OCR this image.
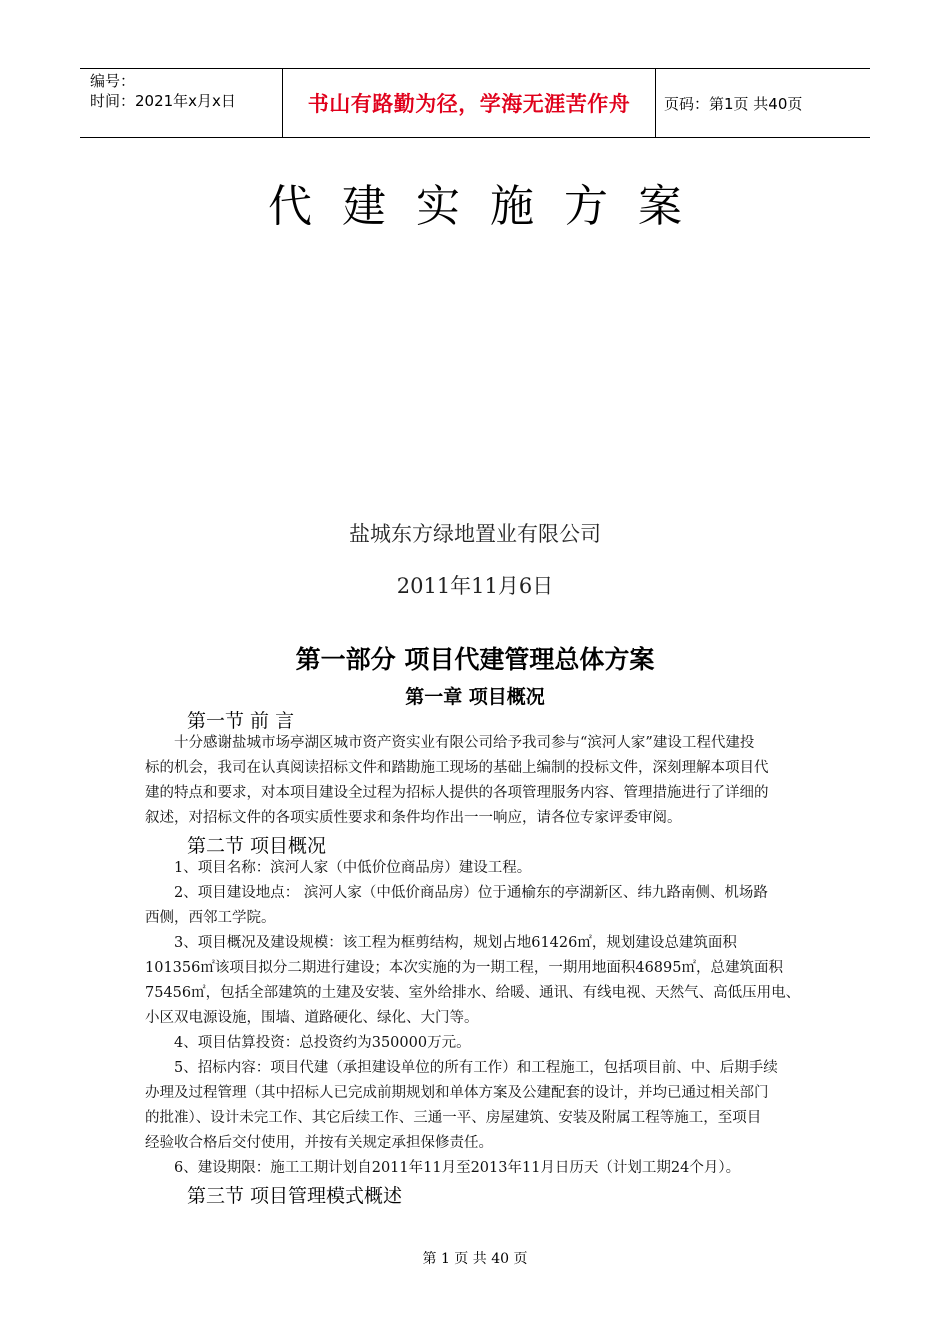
编号：
时间：2021年x月x日	书山有路勤为径，学海无涯苦作舟	页码：第1页 共40页
代建实施方案
盐城东方绿地置业有限公司
2011年11月6日
第一部分 项目代建管理总体方案
第一章 项目概况
第一节 前 言
十分感谢盐城市场亭湖区城市资产资实业有限公司给予我司参与“滨河人家”建设工程代建投
标的机会，我司在认真阅读招标文件和踏勘施工现场的基础上编制的投标文件，深刻理解本项目代
建的特点和要求，对本项目建设全过程为招标人提供的各项管理服务内容、管理措施进行了详细的
叙述，对招标文件的各项实质性要求和条件均作出一一响应，请各位专家评委审阅。
第二节 项目概况
1、项目名称：滨河人家（中低价位商品房）建设工程。
2、项目建设地点： 滨河人家（中低价商品房）位于通榆东的亭湖新区、纬九路南侧、机场路
西侧，西邻工学院。
3、项目概况及建设规模：该工程为框剪结构，规划占地61426㎡，规划建设总建筑面积
101356㎡该项目拟分二期进行建设；本次实施的为一期工程，一期用地面积46895㎡，总建筑面积
75456㎡，包括全部建筑的土建及安装、室外给排水、给暖、通讯、有线电视、天然气、高低压用电、
小区双电源设施，围墙、道路硬化、绿化、大门等。
4、项目估算投资：总投资约为350000万元。
5、招标内容：项目代建（承担建设单位的所有工作）和工程施工，包括项目前、中、后期手续
办理及过程管理（其中招标人已完成前期规划和单体方案及公建配套的设计，并均已通过相关部门
的批准）、设计未完工作、其它后续工作、三通一平、房屋建筑、安装及附属工程等施工，至项目
经验收合格后交付使用，并按有关规定承担保修责任。
6、建设期限：施工工期计划自2011年11月至2013年11月日历天（计划工期24个月）。
第三节 项目管理模式概述
第 1 页 共 40 页
